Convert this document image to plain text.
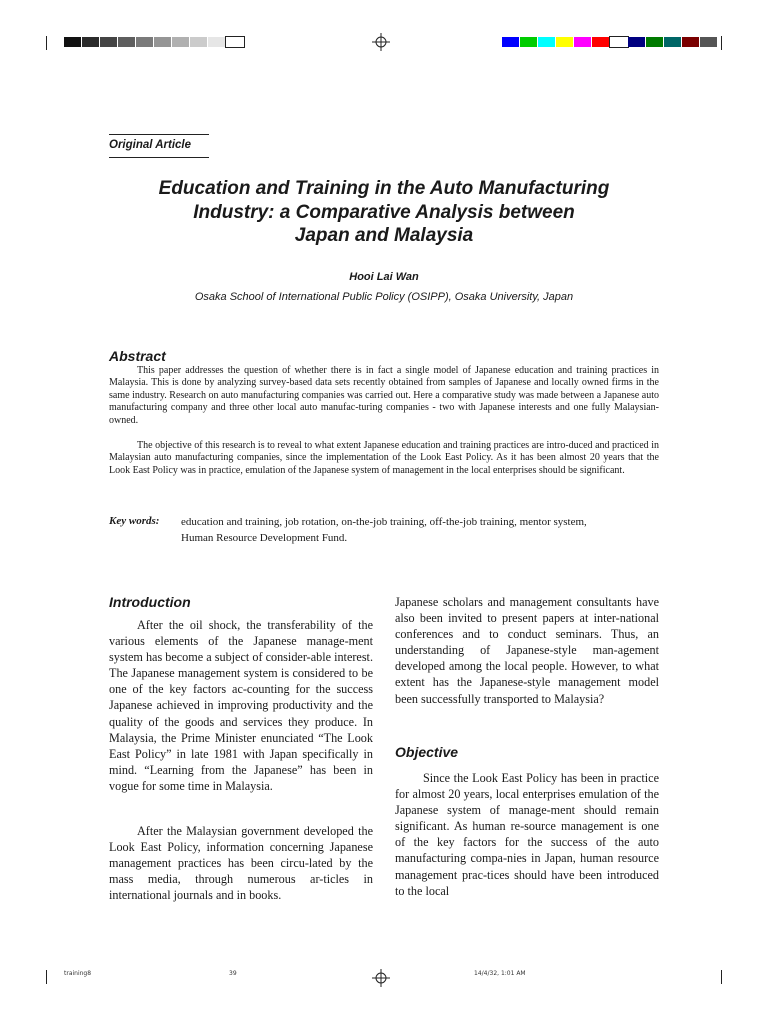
training8	39	14/4/32, 1:01 AM
Original Article
Education and Training in the Auto Manufacturing
Industry: a Comparative Analysis between
Japan and Malaysia
Hooi Lai Wan
Osaka School of International Public Policy (OSIPP), Osaka University, Japan
Abstract
This paper addresses the question of whether there is in fact a single model of Japanese education and training practices in Malaysia. This is done by analyzing survey-based data sets recently obtained from samples of Japanese and locally owned firms in the same industry. Research on auto manufacturing companies was carried out. Here a comparative study was made between a Japanese auto manufacturing company and three other local auto manufac-turing companies - two with Japanese interests and one fully Malaysian-owned.
The objective of this research is to reveal to what extent Japanese education and training practices are intro-duced and practiced in Malaysian auto manufacturing companies, since the implementation of the Look East Policy. As it has been almost 20 years that the Look East Policy was in practice, emulation of the Japanese system of management in the local enterprises should be significant.
Key words: education and training, job rotation, on-the-job training, off-the-job training, mentor system,
Human Resource Development Fund.
Introduction
After the oil shock, the transferability of the various elements of the Japanese manage-ment system has become a subject of consider-able interest. The Japanese management system is considered to be one of the key factors ac-counting for the success Japanese achieved in improving productivity and the quality of the goods and services they produce. In Malaysia, the Prime Minister enunciated “The Look East Policy” in late 1981 with Japan specifically in mind. “Learning from the Japanese” has been in vogue for some time in Malaysia.
After the Malaysian government developed the Look East Policy, information concerning Japanese management practices has been circu-lated by the mass media, through numerous ar-ticles in international journals and in books.
Japanese scholars and management consultants have also been invited to present papers at inter-national conferences and to conduct seminars. Thus, an understanding of Japanese-style man-agement developed among the local people. However, to what extent has the Japanese-style management model been successfully transported to Malaysia?
Objective
Since the Look East Policy has been in practice for almost 20 years, local enterprises emulation of the Japanese system of manage-ment should remain significant. As human re-source management is one of the key factors for the success of the auto manufacturing compa-nies in Japan, human resource management prac-tices should have been introduced to the local
